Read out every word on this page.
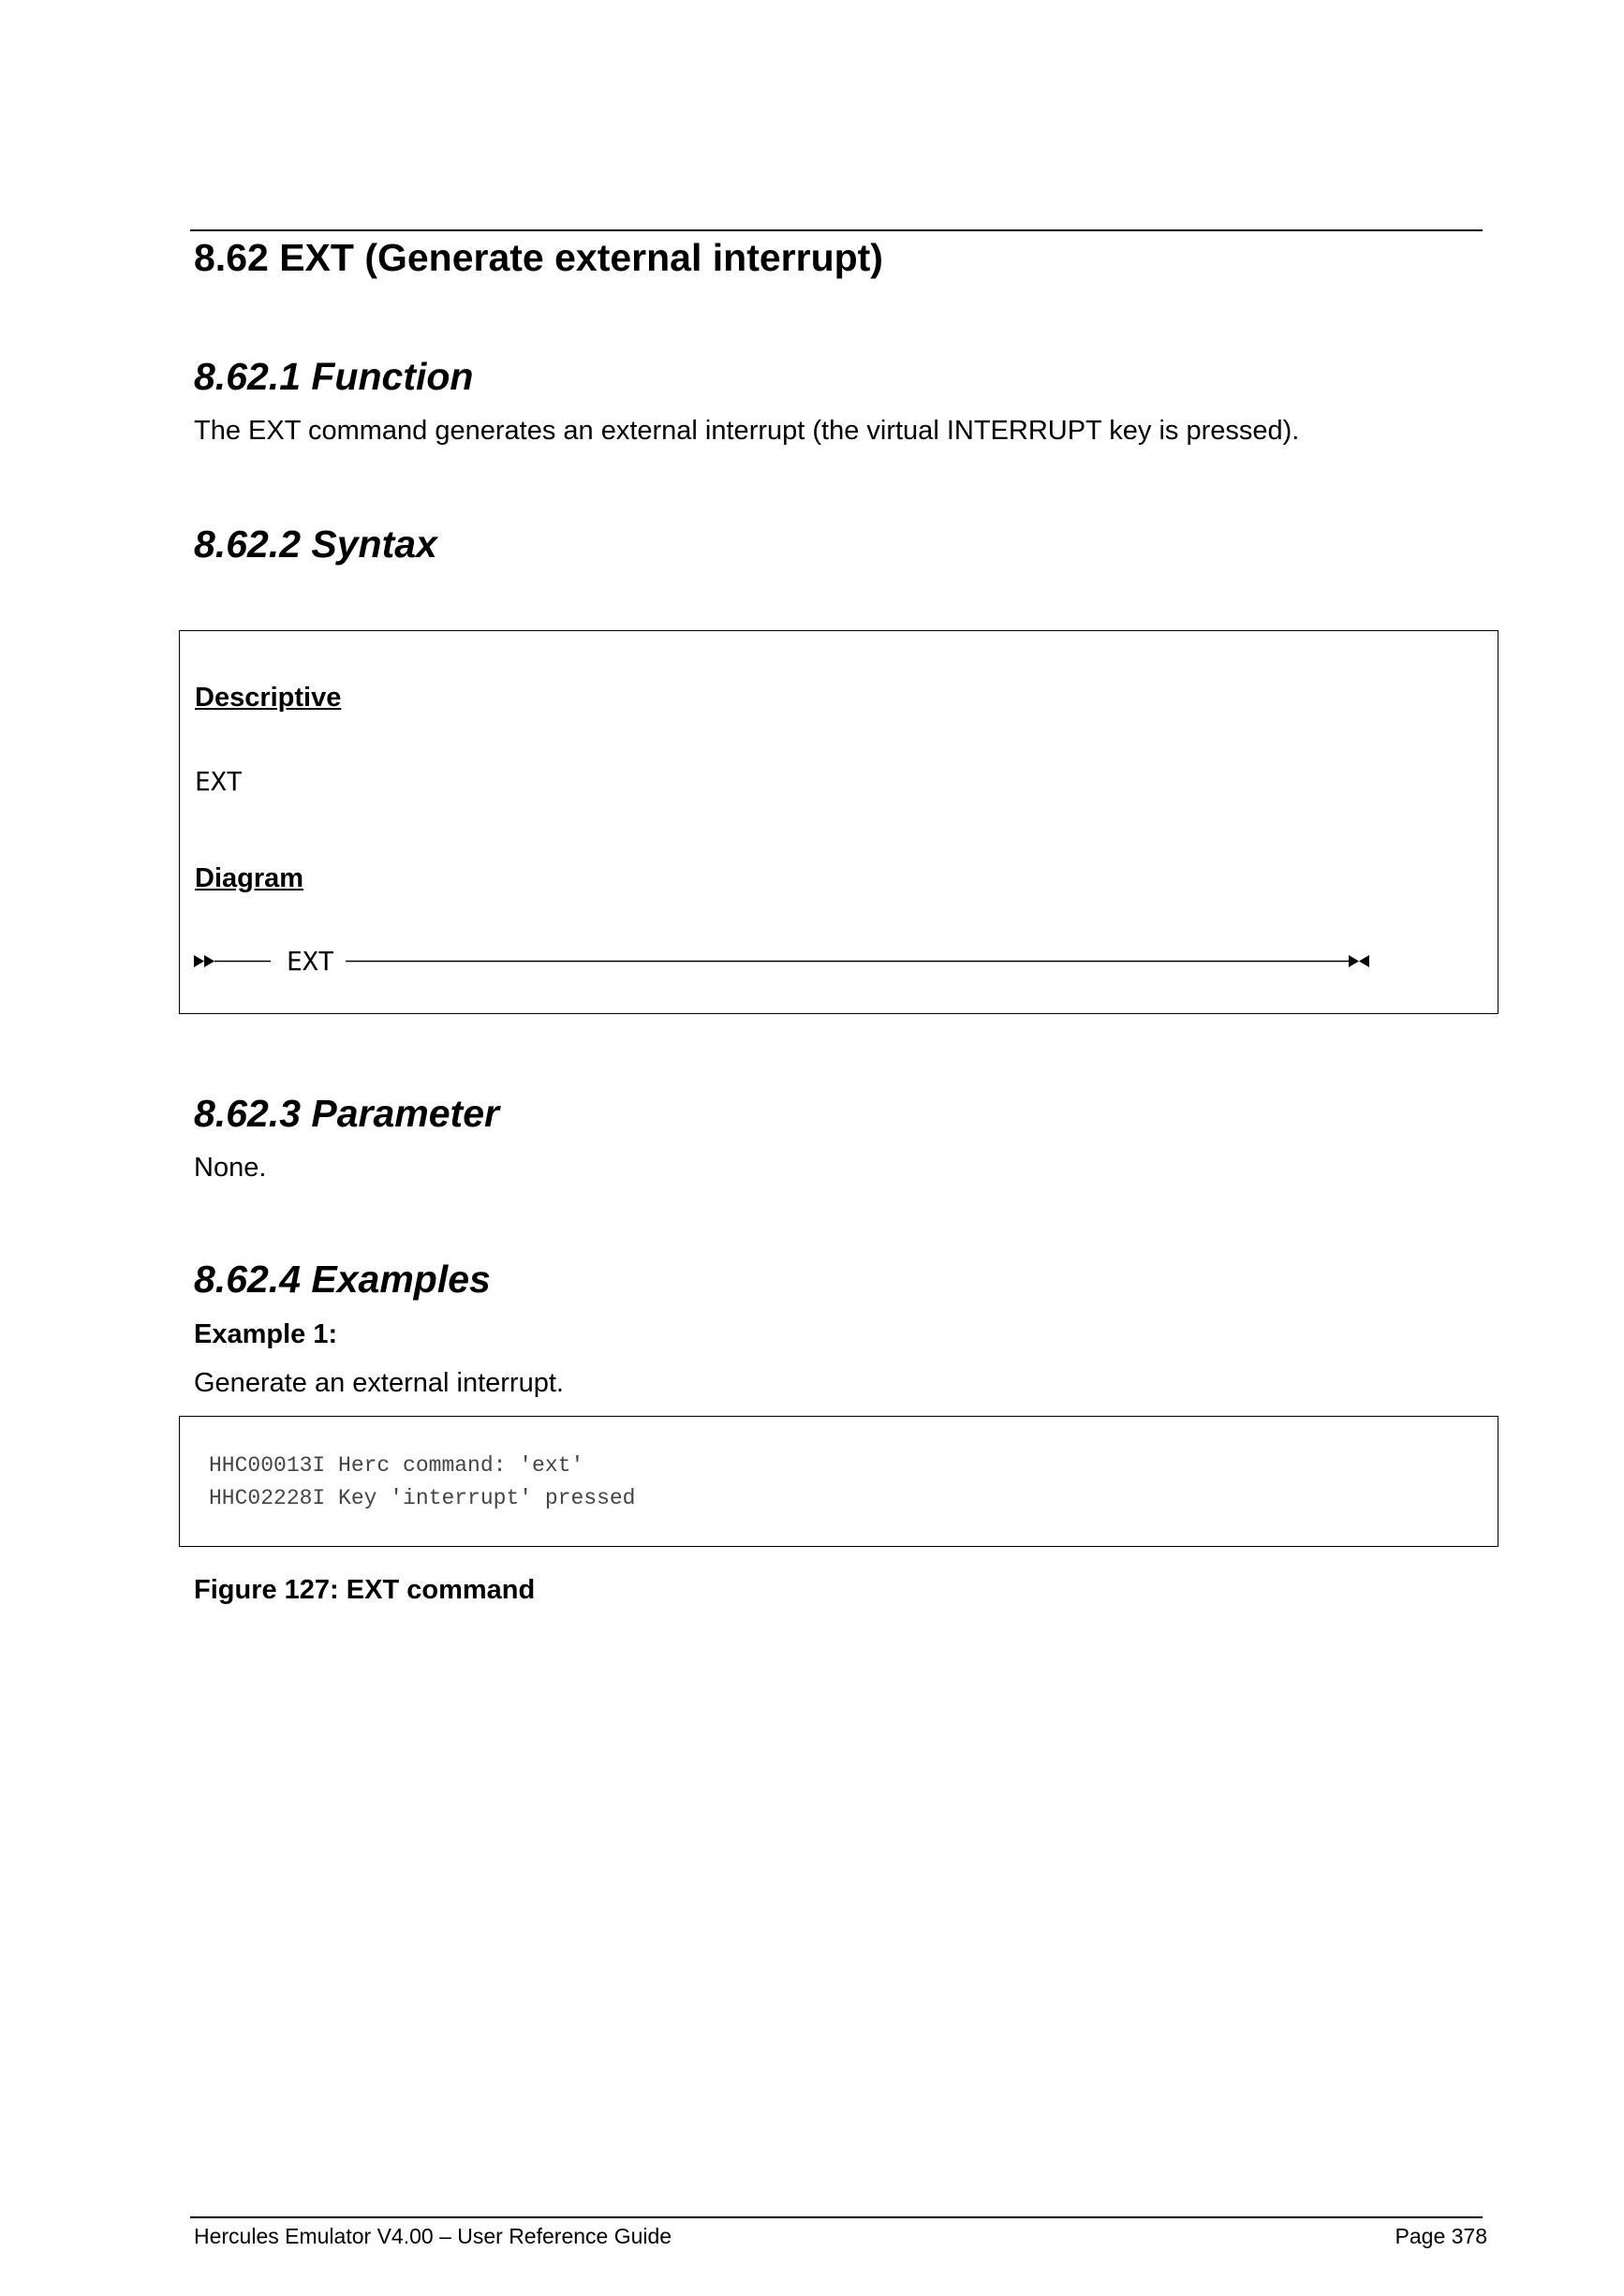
8.62 EXT (Generate external interrupt)
8.62.1 Function
The EXT command generates an external interrupt (the virtual INTERRUPT key is pressed).
8.62.2 Syntax
Descriptive
EXT
Diagram
EXT
8.62.3 Parameter
None.
8.62.4 Examples
Example 1:
Generate an external interrupt.
HHC00013I Herc command: 'ext'
HHC02228I Key 'interrupt' pressed
Figure 127: EXT command
Hercules Emulator V4.00 – User Reference Guide	Page 378
